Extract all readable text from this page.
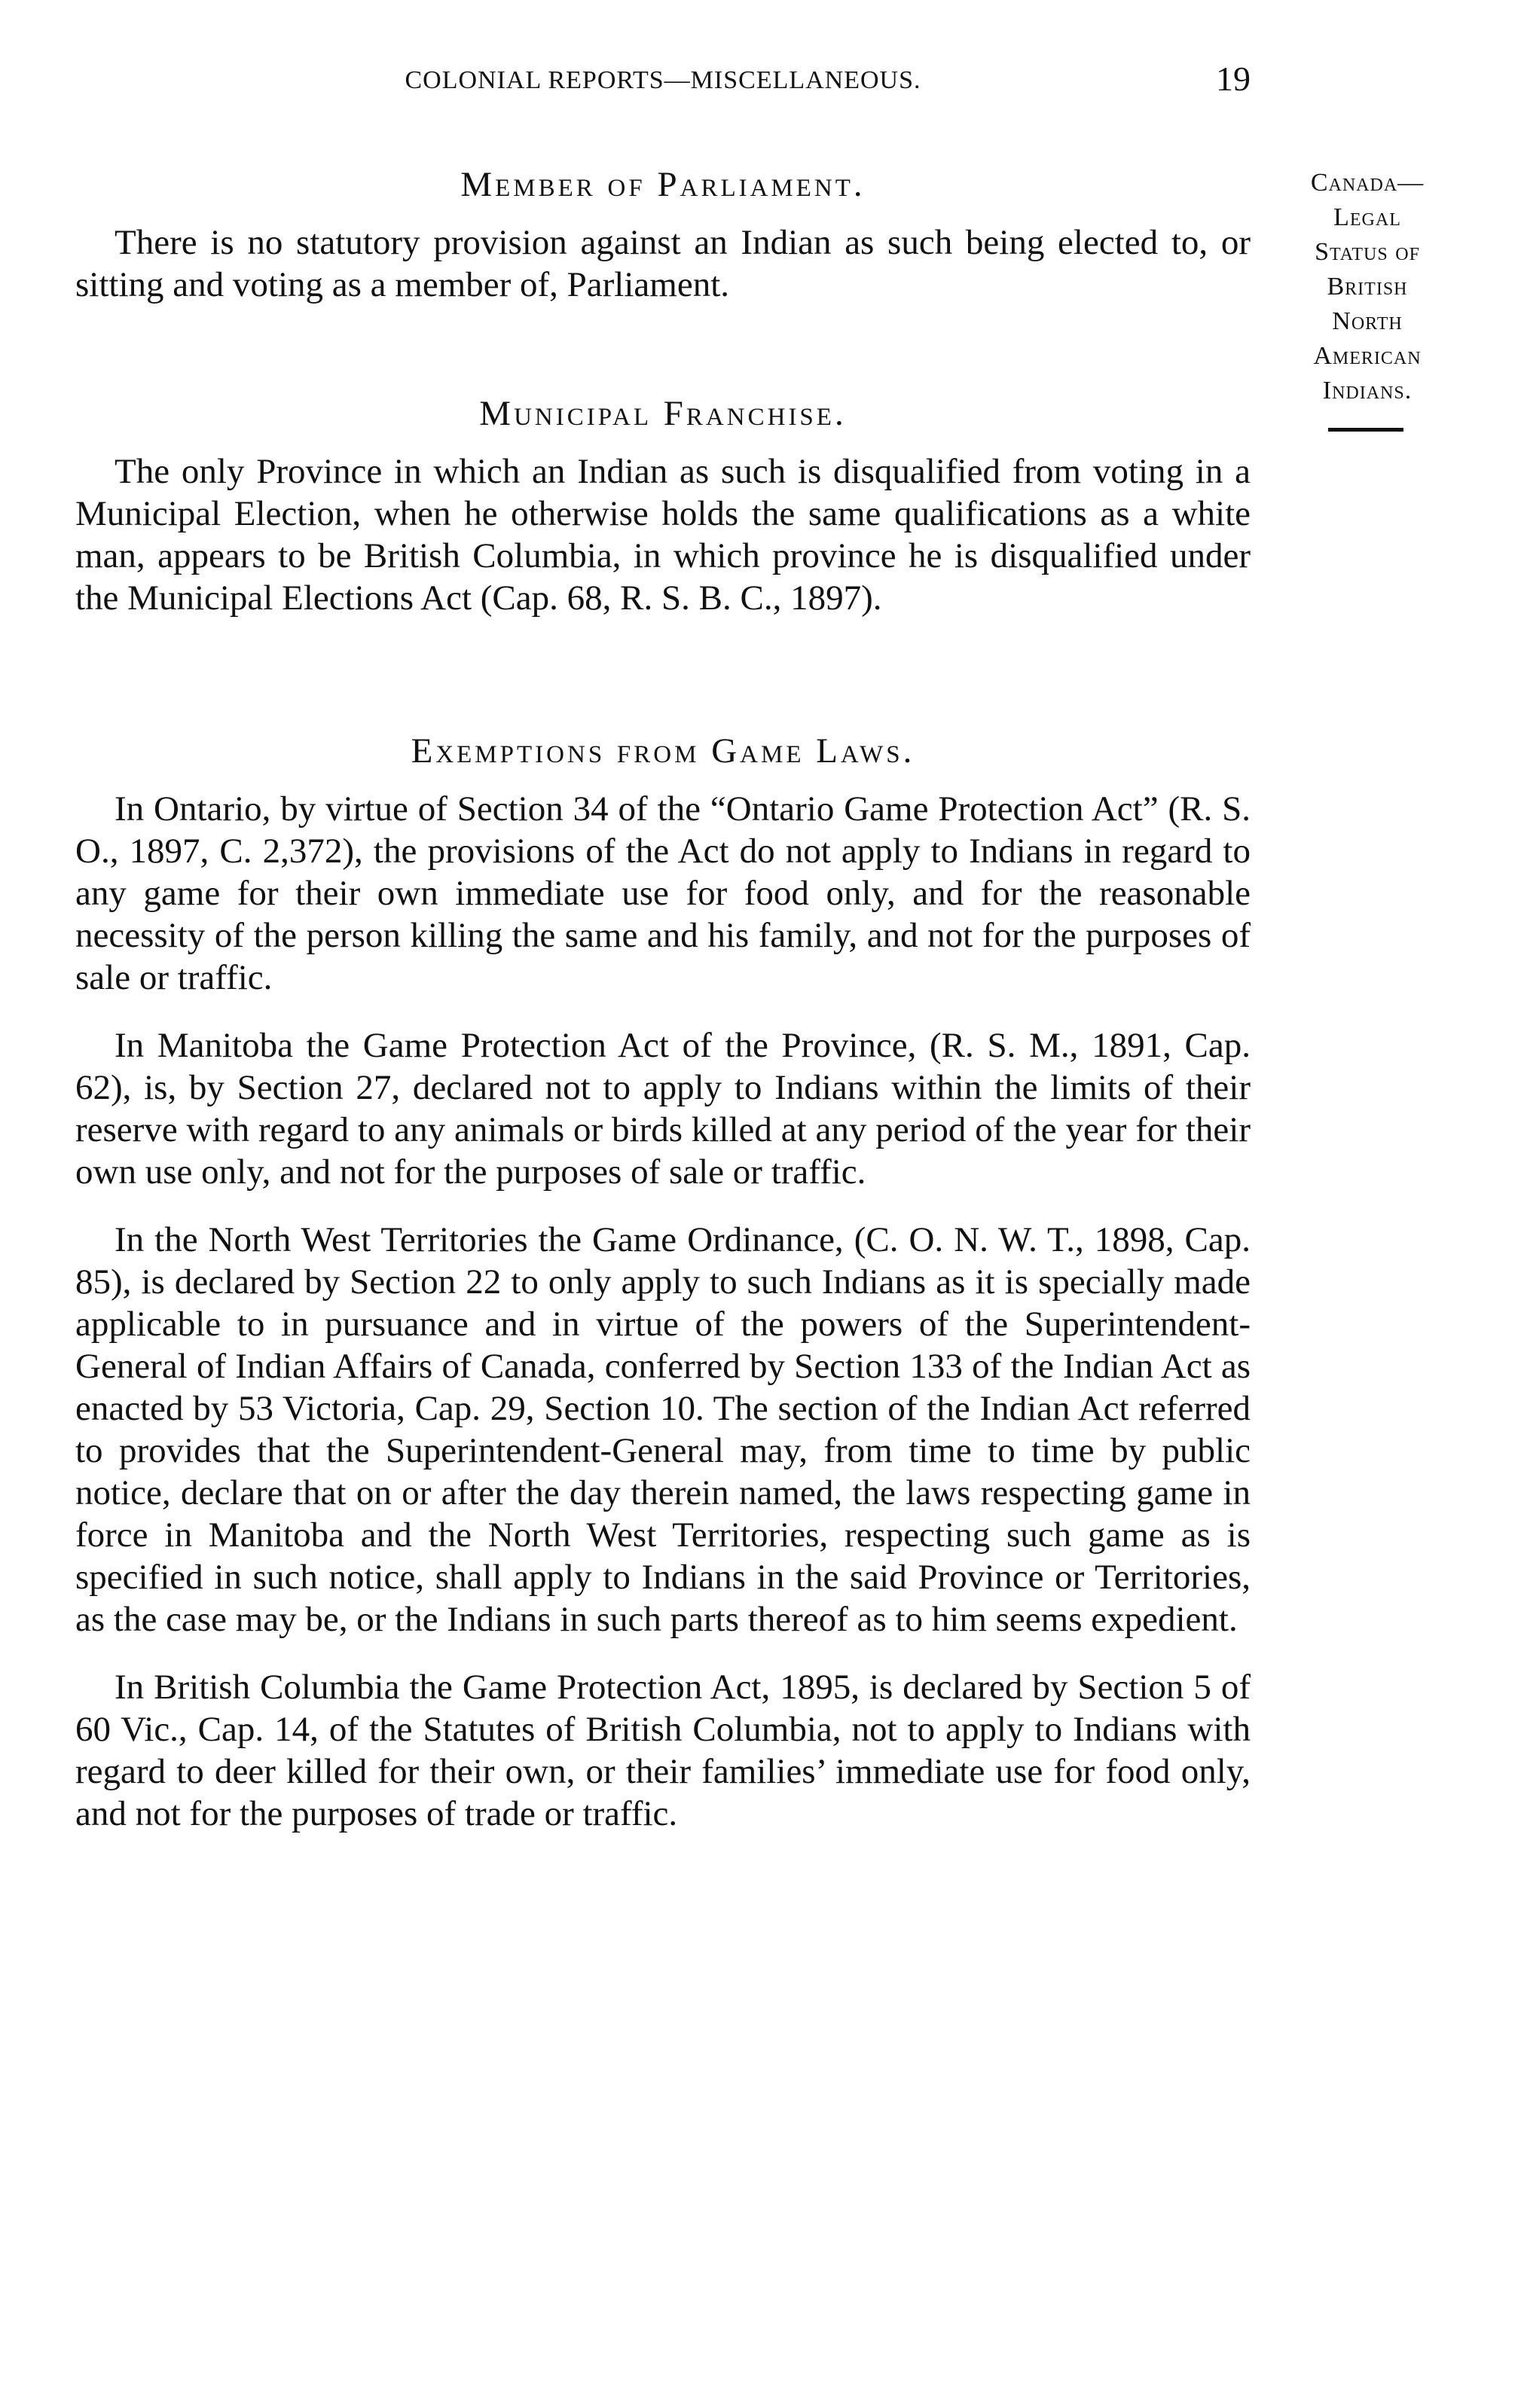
COLONIAL REPORTS—MISCELLANEOUS.	19
Canada—
Legal
Status of
British
North
American
Indians.
Member of Parliament.

There is no statutory provision against an Indian as such being elected to, or sitting and voting as a member of, Parliament.

Municipal Franchise.

The only Province in which an Indian as such is disqualified from voting in a Municipal Election, when he otherwise holds the same qualifications as a white man, appears to be British Columbia, in which province he is disqualified under the Municipal Elections Act (Cap. 68, R. S. B. C., 1897).

Exemptions from Game Laws.

In Ontario, by virtue of Section 34 of the “Ontario Game Protection Act” (R. S. O., 1897, C. 2,372), the provisions of the Act do not apply to Indians in regard to any game for their own immediate use for food only, and for the reasonable necessity of the person killing the same and his family, and not for the purposes of sale or traffic.

In Manitoba the Game Protection Act of the Province, (R. S. M., 1891, Cap. 62), is, by Section 27, declared not to apply to Indians within the limits of their reserve with regard to any animals or birds killed at any period of the year for their own use only, and not for the purposes of sale or traffic.

In the North West Territories the Game Ordinance, (C. O. N. W. T., 1898, Cap. 85), is declared by Section 22 to only apply to such Indians as it is specially made applicable to in pursuance and in virtue of the powers of the Superintendent-General of Indian Affairs of Canada, conferred by Section 133 of the Indian Act as enacted by 53 Victoria, Cap. 29, Section 10. The section of the Indian Act referred to provides that the Superintendent-General may, from time to time by public notice, declare that on or after the day therein named, the laws respecting game in force in Manitoba and the North West Territories, respecting such game as is specified in such notice, shall apply to Indians in the said Province or Territories, as the case may be, or the Indians in such parts thereof as to him seems expedient.

In British Columbia the Game Protection Act, 1895, is declared by Section 5 of 60 Vic., Cap. 14, of the Statutes of British Columbia, not to apply to Indians with regard to deer killed for their own, or their families’ immediate use for food only, and not for the purposes of trade or traffic.
